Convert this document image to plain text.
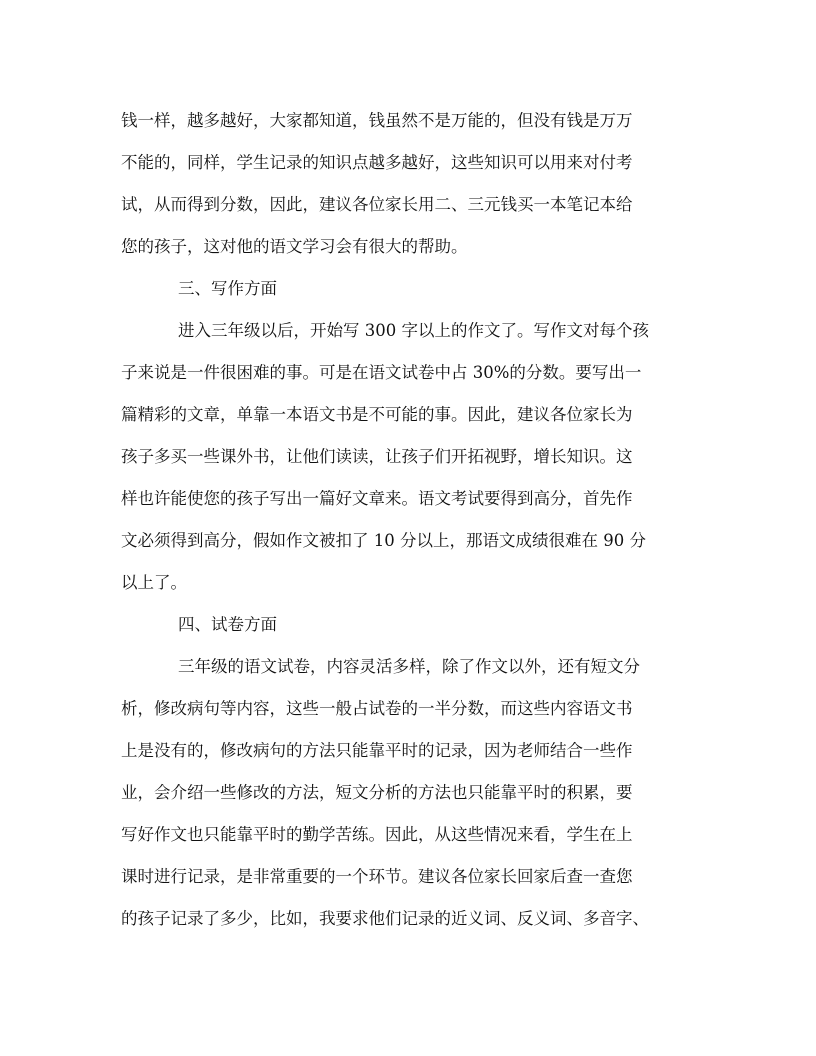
钱一样，越多越好，大家都知道，钱虽然不是万能的，但没有钱是万万
不能的，同样，学生记录的知识点越多越好，这些知识可以用来对付考
试，从而得到分数，因此，建议各位家长用二、三元钱买一本笔记本给
您的孩子，这对他的语文学习会有很大的帮助。
三、写作方面
进入三年级以后，开始写 300 字以上的作文了。写作文对每个孩
子来说是一件很困难的事。可是在语文试卷中占 30%的分数。要写出一
篇精彩的文章，单靠一本语文书是不可能的事。因此，建议各位家长为
孩子多买一些课外书，让他们读读，让孩子们开拓视野，增长知识。这
样也许能使您的孩子写出一篇好文章来。语文考试要得到高分，首先作
文必须得到高分，假如作文被扣了 10 分以上，那语文成绩很难在 90 分
以上了。
四、试卷方面
三年级的语文试卷，内容灵活多样，除了作文以外，还有短文分
析，修改病句等内容，这些一般占试卷的一半分数，而这些内容语文书
上是没有的，修改病句的方法只能靠平时的记录，因为老师结合一些作
业，会介绍一些修改的方法，短文分析的方法也只能靠平时的积累，要
写好作文也只能靠平时的勤学苦练。因此，从这些情况来看，学生在上
课时进行记录，是非常重要的一个环节。建议各位家长回家后查一查您
的孩子记录了多少，比如，我要求他们记录的近义词、反义词、多音字、
